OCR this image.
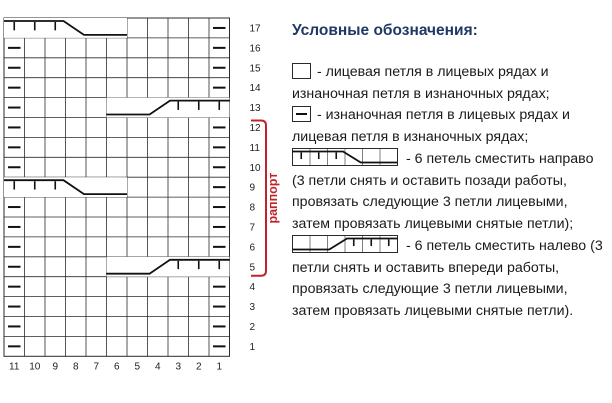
1
2
3
4
5
6
7
8
9
10
11
12
13
14
15
16
17
11 10 9 8 7 6 5 4 3 2 1
раппорт
Условные обозначения:
- лицевая петля в лицевых рядах и изнаночная петля в изнаночных рядах;

- изнаночная петля в лицевых рядах и лицевая петля в изнаночных рядах;

- 6 петель сместить направо (3 петли снять и оставить позади работы, провязать следующие 3 петли лицевыми, затем провязать лицевыми снятые петли);

- 6 петель сместить налево (3 петли снять и оставить впереди работы, провязать следующие 3 петли лицевыми, затем провязать лицевыми снятые петли).
